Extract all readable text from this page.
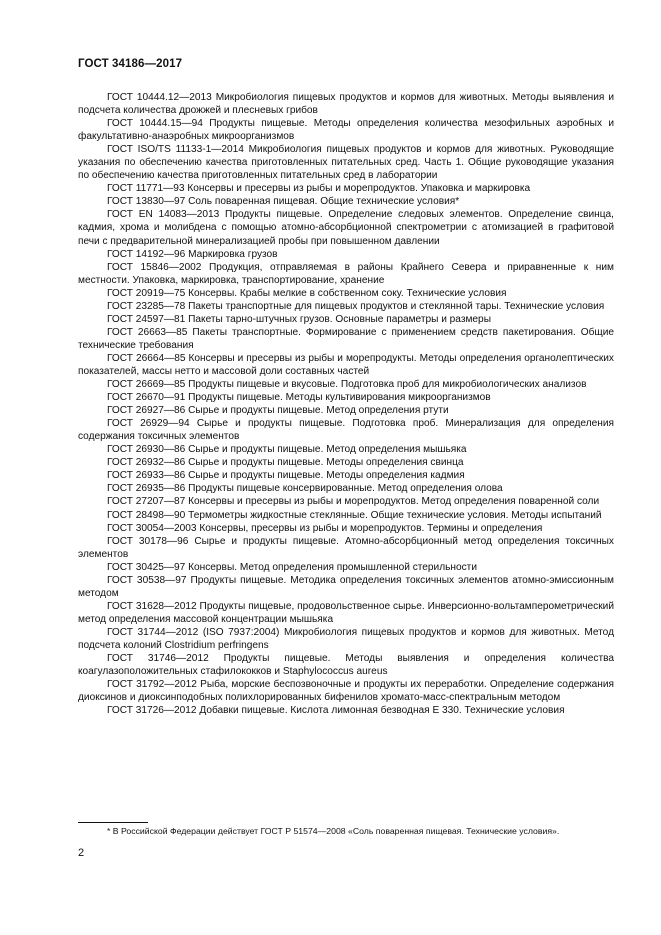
ГОСТ 34186—2017

ГОСТ 10444.12—2013 Микробиология пищевых продуктов и кормов для животных. Методы выявления и подсчета количества дрожжей и плесневых грибов

ГОСТ 10444.15—94 Продукты пищевые. Методы определения количества мезофильных аэробных и факультативно-анаэробных микроорганизмов

ГОСТ ISO/TS 11133-1—2014 Микробиология пищевых продуктов и кормов для животных. Руководящие указания по обеспечению качества приготовленных питательных сред. Часть 1. Общие руководящие указания по обеспечению качества приготовленных питательных сред в лаборатории

ГОСТ 11771—93 Консервы и пресервы из рыбы и морепродуктов. Упаковка и маркировка

ГОСТ 13830—97 Соль поваренная пищевая. Общие технические условия*

ГОСТ EN 14083—2013 Продукты пищевые. Определение следовых элементов. Определение свинца, кадмия, хрома и молибдена с помощью атомно-абсорбционной спектрометрии с атомизацией в графитовой печи с предварительной минерализацией пробы при повышенном давлении

ГОСТ 14192—96 Маркировка грузов

ГОСТ 15846—2002 Продукция, отправляемая в районы Крайнего Севера и приравненные к ним местности. Упаковка, маркировка, транспортирование, хранение

ГОСТ 20919—75 Консервы. Крабы мелкие в собственном соку. Технические условия

ГОСТ 23285—78 Пакеты транспортные для пищевых продуктов и стеклянной тары. Технические условия

ГОСТ 24597—81 Пакеты тарно-штучных грузов. Основные параметры и размеры

ГОСТ 26663—85 Пакеты транспортные. Формирование с применением средств пакетирования. Общие технические требования

ГОСТ 26664—85 Консервы и пресервы из рыбы и морепродукты. Методы определения органолептических показателей, массы нетто и массовой доли составных частей

ГОСТ 26669—85 Продукты пищевые и вкусовые. Подготовка проб для микробиологических анализов

ГОСТ 26670—91 Продукты пищевые. Методы культивирования микроорганизмов

ГОСТ 26927—86 Сырье и продукты пищевые. Метод определения ртути

ГОСТ 26929—94 Сырье и продукты пищевые. Подготовка проб. Минерализация для определения содержания токсичных элементов

ГОСТ 26930—86 Сырье и продукты пищевые. Метод определения мышьяка

ГОСТ 26932—86 Сырье и продукты пищевые. Методы определения свинца

ГОСТ 26933—86 Сырье и продукты пищевые. Методы определения кадмия

ГОСТ 26935—86 Продукты пищевые консервированные. Метод определения олова

ГОСТ 27207—87 Консервы и пресервы из рыбы и морепродуктов. Метод определения поваренной соли

ГОСТ 28498—90 Термометры жидкостные стеклянные. Общие технические условия. Методы испытаний

ГОСТ 30054—2003 Консервы, пресервы из рыбы и морепродуктов. Термины и определения

ГОСТ 30178—96 Сырье и продукты пищевые. Атомно-абсорбционный метод определения токсичных элементов

ГОСТ 30425—97 Консервы. Метод определения промышленной стерильности

ГОСТ 30538—97 Продукты пищевые. Методика определения токсичных элементов атомно-эмиссионным методом

ГОСТ 31628—2012 Продукты пищевые, продовольственное сырье. Инверсионно-вольтамперометрический метод определения массовой концентрации мышьяка

ГОСТ 31744—2012 (ISO 7937:2004) Микробиология пищевых продуктов и кормов для животных. Метод подсчета колоний Clostridium perfringens

ГОСТ 31746—2012 Продукты пищевые. Методы выявления и определения количества коагулазоположительных стафилококков и Staphylococcus aureus

ГОСТ 31792—2012 Рыба, морские беспозвоночные и продукты их переработки. Определение содержания диоксинов и диоксинподобных полихлорированных бифенилов хромато-масс-спектральным методом

ГОСТ 31726—2012 Добавки пищевые. Кислота лимонная безводная Е 330. Технические условия

* В Российской Федерации действует ГОСТ Р 51574—2008 «Соль поваренная пищевая. Технические условия».
2
